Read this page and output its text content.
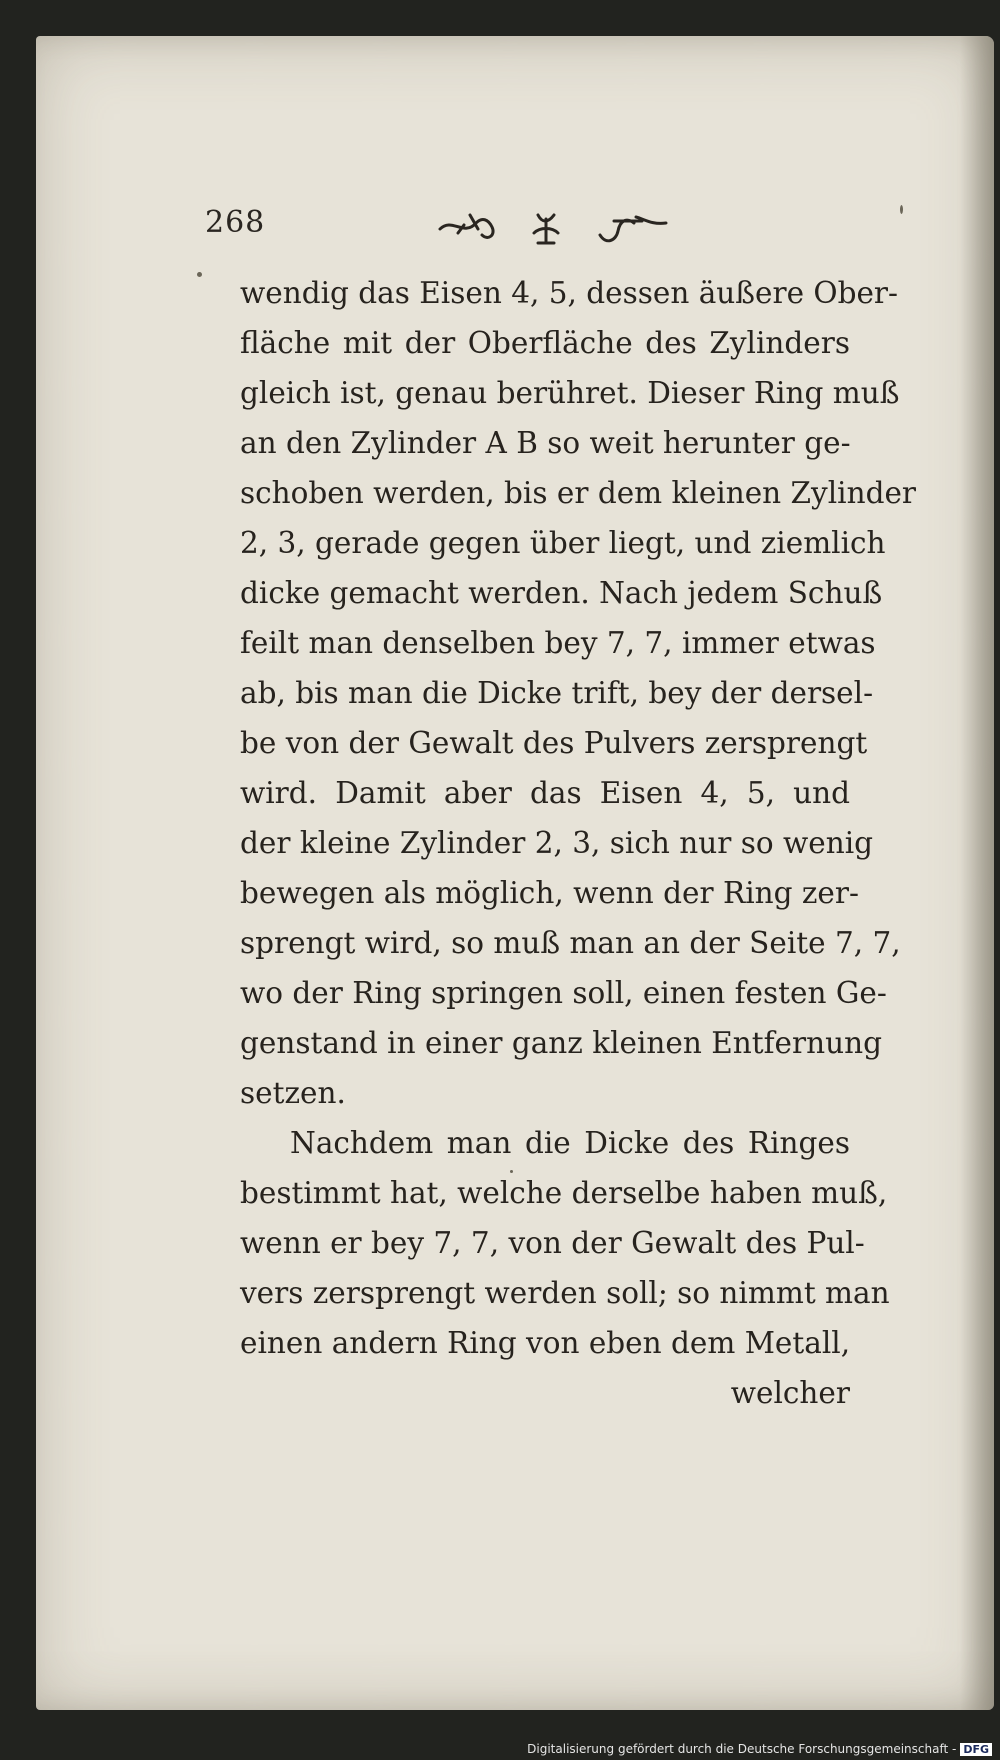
268
wendig das Eisen 4, 5, dessen äußere Ober-
fläche mit der Oberfläche des Zylinders
gleich ist, genau berühret. Dieser Ring muß
an den Zylinder A B so weit herunter ge-
schoben werden, bis er dem kleinen Zylinder
2, 3, gerade gegen über liegt, und ziemlich
dicke gemacht werden. Nach jedem Schuß
feilt man denselben bey 7, 7, immer etwas
ab, bis man die Dicke trift, bey der dersel-
be von der Gewalt des Pulvers zersprengt
wird. Damit aber das Eisen 4, 5, und
der kleine Zylinder 2, 3, sich nur so wenig
bewegen als möglich, wenn der Ring zer-
sprengt wird, so muß man an der Seite 7, 7,
wo der Ring springen soll, einen festen Ge-
genstand in einer ganz kleinen Entfernung
setzen.
Nachdem man die Dicke des Ringes
bestimmt hat, welche derselbe haben muß,
wenn er bey 7, 7, von der Gewalt des Pul-
vers zersprengt werden soll; so nimmt man
einen andern Ring von eben dem Metall,
welcher
Digitalisierung gefördert durch die Deutsche Forschungsgemeinschaft - DFG
